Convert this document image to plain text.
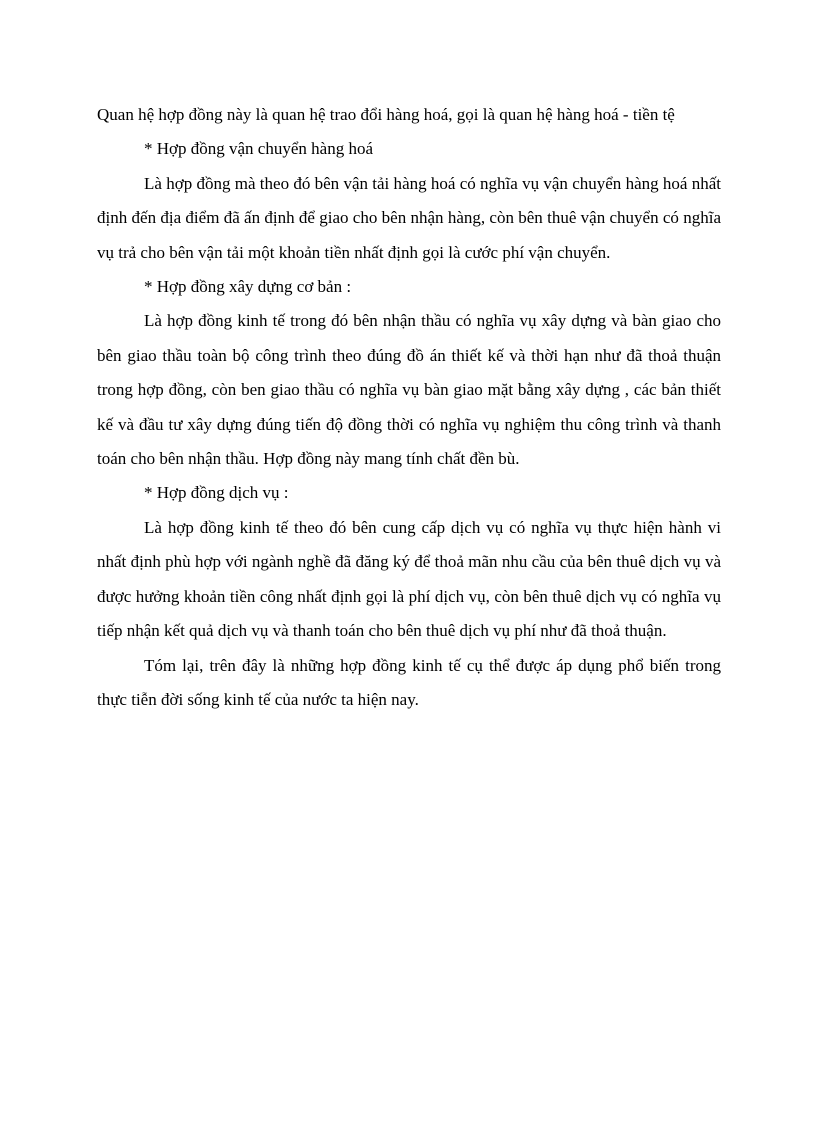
Quan hệ hợp đồng này là quan hệ trao đổi hàng hoá, gọi là quan hệ hàng hoá - tiền tệ

* Hợp đồng vận chuyển hàng hoá

Là hợp đồng mà theo đó bên vận tải hàng hoá có nghĩa vụ vận chuyển hàng hoá nhất định đến địa điểm đã ấn định để giao cho bên nhận hàng, còn bên thuê vận chuyển có nghĩa vụ trả cho bên vận tải một khoản tiền nhất định gọi là cước phí vận chuyển.

* Hợp đồng xây dựng cơ bản :

Là hợp đồng kinh tế trong đó bên nhận thầu có nghĩa vụ xây dựng và bàn giao cho bên giao thầu toàn bộ công trình theo đúng đồ án thiết kế và thời hạn như đã thoả thuận trong hợp đồng, còn ben giao thầu có nghĩa vụ bàn giao mặt bằng xây dựng , các bản thiết kế và đầu tư xây dựng đúng tiến độ đồng thời có nghĩa vụ nghiệm thu công trình và thanh toán cho bên nhận thầu. Hợp đồng này mang tính chất đền bù.

* Hợp đồng dịch vụ :

Là hợp đồng kinh tế theo đó bên cung cấp dịch vụ có nghĩa vụ thực hiện hành vi nhất định phù hợp với ngành nghề đã đăng ký để thoả mãn nhu cầu của bên thuê dịch vụ và được hưởng khoản tiền công nhất định gọi là phí dịch vụ, còn bên thuê dịch vụ có nghĩa vụ tiếp nhận kết quả dịch vụ và thanh toán cho bên thuê dịch vụ phí như đã thoả thuận.

Tóm lại, trên đây là những hợp đồng kinh tế cụ thể được áp dụng phổ biến trong thực tiễn đời sống kinh tế của nước ta hiện nay.
